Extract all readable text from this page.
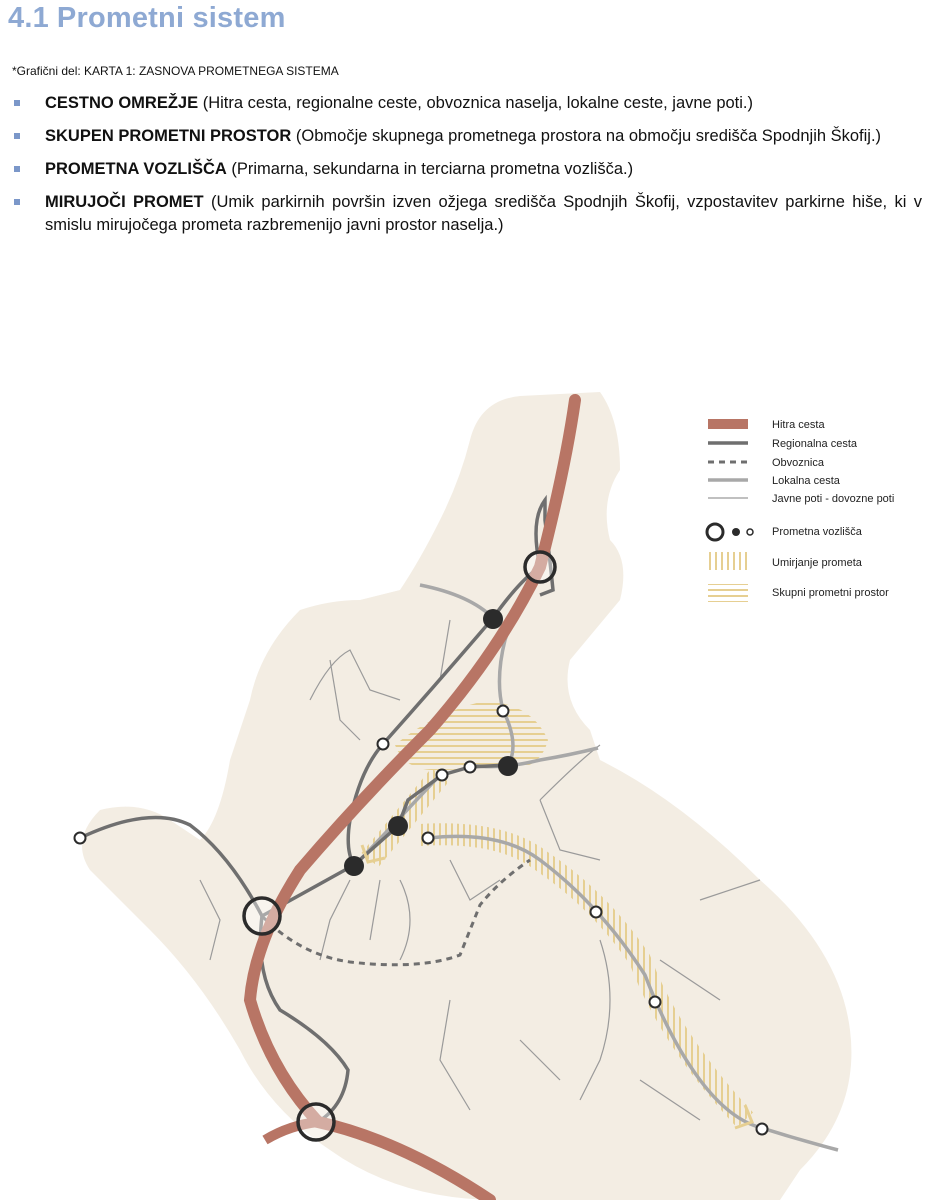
4.1 Prometni sistem
*Grafični del: KARTA 1: ZASNOVA PROMETNEGA SISTEMA
CESTNO OMREŽJE (Hitra cesta, regionalne ceste, obvoznica naselja, lokalne ceste, javne poti.)
SKUPEN PROMETNI PROSTOR (Območje skupnega prometnega prostora na območju središča Spodnjih Škofij.)
PROMETNA VOZLIŠČA (Primarna, sekundarna in terciarna prometna vozlišča.)
MIRUJOČI PROMET (Umik parkirnih površin izven ožjega središča Spodnjih Škofij, vzpostavitev parkirne hiše, ki v smislu mirujočega prometa razbremenijo javni prostor naselja.)
Hitra cesta
Regionalna cesta
Obvoznica
Lokalna cesta
Javne poti - dovozne poti
Prometna vozlišča
Umirjanje prometa
Skupni prometni prostor
